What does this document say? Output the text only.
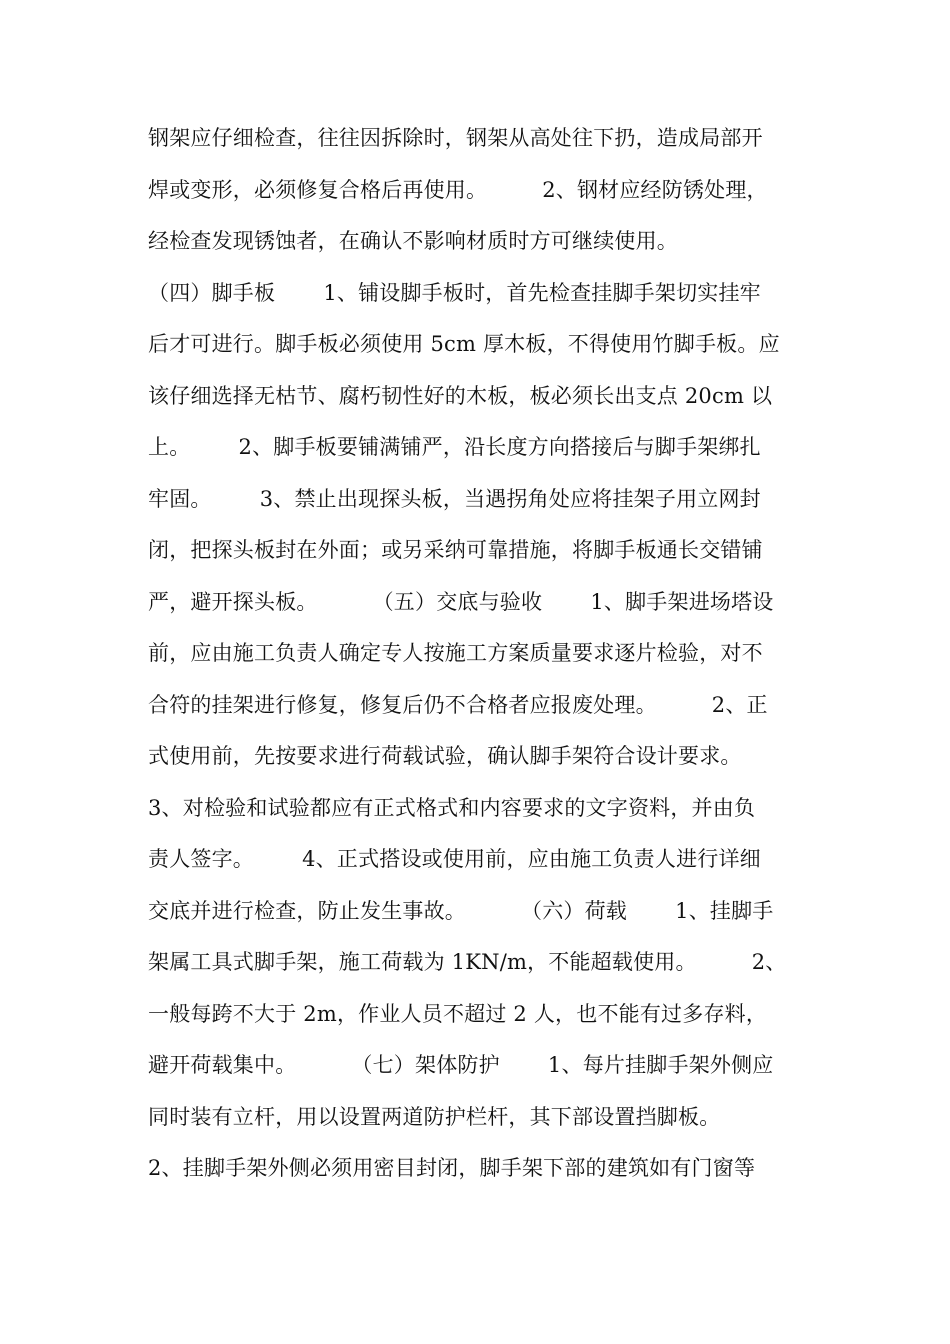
钢架应仔细检查，往往因拆除时，钢架从高处往下扔，造成局部开
焊或变形，必须修复合格后再使用。        2、钢材应经防锈处理，
经检查发现锈蚀者，在确认不影响材质时方可继续使用。
（四）脚手板       1、铺设脚手板时，首先检查挂脚手架切实挂牢
后才可进行。脚手板必须使用 5cm 厚木板，不得使用竹脚手板。应
该仔细选择无枯节、腐朽韧性好的木板，板必须长出支点 20cm 以
上。       2、脚手板要铺满铺严，沿长度方向搭接后与脚手架绑扎
牢固。       3、禁止出现探头板，当遇拐角处应将挂架子用立网封
闭，把探头板封在外面；或另采纳可靠措施，将脚手板通长交错铺
严，避开探头板。        （五）交底与验收       1、脚手架进场塔设
前，应由施工负责人确定专人按施工方案质量要求逐片检验，对不
合符的挂架进行修复，修复后仍不合格者应报废处理。        2、正
式使用前，先按要求进行荷载试验，确认脚手架符合设计要求。
3、对检验和试验都应有正式格式和内容要求的文字资料，并由负
责人签字。       4、正式搭设或使用前，应由施工负责人进行详细
交底并进行检查，防止发生事故。        （六）荷载       1、挂脚手
架属工具式脚手架，施工荷载为 1KN/m，不能超载使用。        2、
一般每跨不大于 2m，作业人员不超过 2 人，也不能有过多存料，
避开荷载集中。        （七）架体防护       1、每片挂脚手架外侧应
同时装有立杆，用以设置两道防护栏杆，其下部设置挡脚板。
2、挂脚手架外侧必须用密目封闭，脚手架下部的建筑如有门窗等
